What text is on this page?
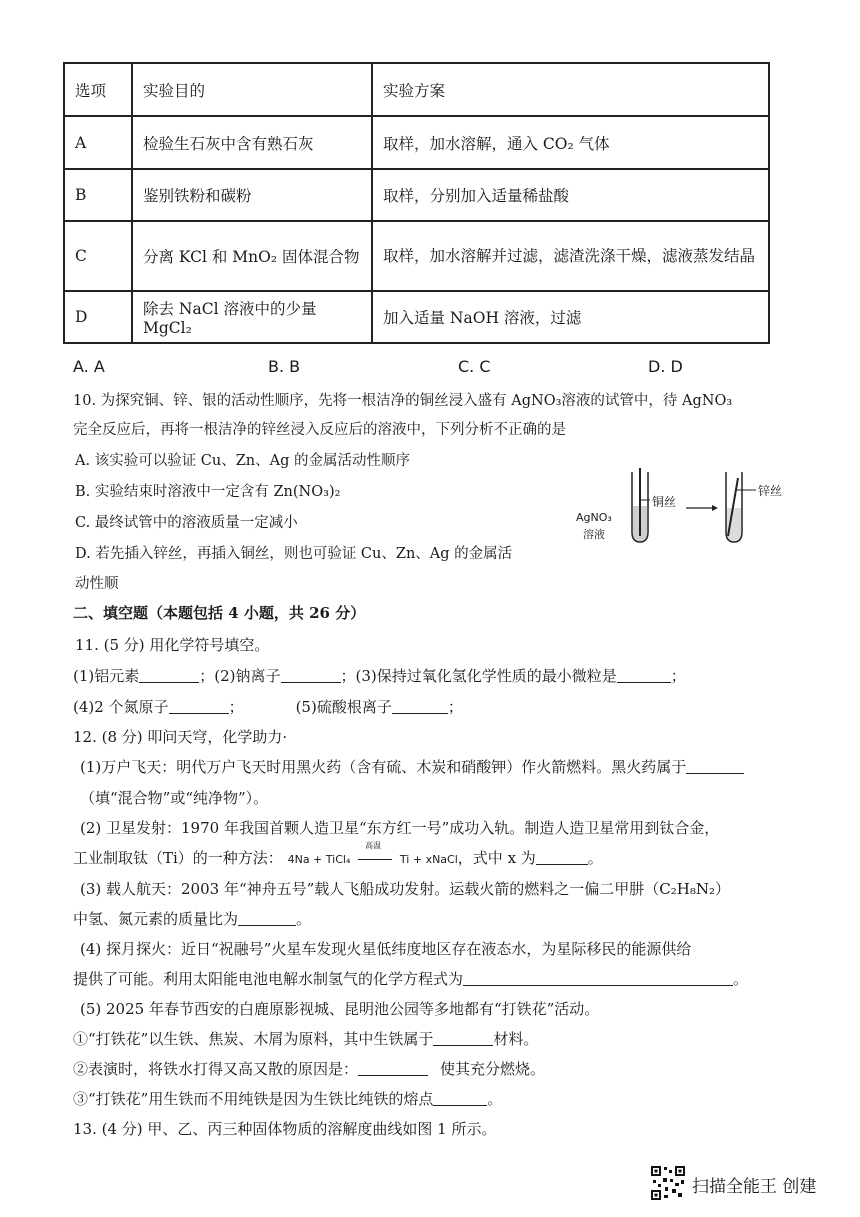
选项	实验目的	实验方案
A	检验生石灰中含有熟石灰	取样，加水溶解，通入 CO₂ 气体
B	鉴别铁粉和碳粉	取样，分别加入适量稀盐酸
C	分离 KCl 和 MnO₂ 固体混合物	取样，加水溶解并过滤，滤渣洗涤干燥，滤液蒸发结晶
D	除去 NaCl 溶液中的少量 MgCl₂	加入适量 NaOH 溶液，过滤
A. A	B. B	C. C	D. D
10. 为探究铜、锌、银的活动性顺序，先将一根洁净的铜丝浸入盛有 AgNO₃溶液的试管中，待 AgNO₃
完全反应后，再将一根洁净的锌丝浸入反应后的溶液中，下列分析不正确的是
A. 该实验可以验证 Cu、Zn、Ag 的金属活动性顺序
B. 实验结束时溶液中一定含有 Zn(NO₃)₂
C. 最终试管中的溶液质量一定减小
D. 若先插入锌丝，再插入铜丝，则也可验证 Cu、Zn、Ag 的金属活
动性顺
AgNO₃
溶液
铜丝
锌丝
二、填空题（本题包括 4 小题，共 26 分）
11. (5 分) 用化学符号填空。
(1)铝元素	；(2)钠离子	；(3)保持过氧化氢化学性质的最小微粒是	；
(4)2 个氮原子	；	(5)硫酸根离子	；
12. (8 分) 叩问天穹，化学助力·
(1)万户飞天：明代万户飞天时用黑火药（含有硫、木炭和硝酸钾）作火箭燃料。黑火药属于
（填“混合物”或“纯净物”）。
(2) 卫星发射：1970 年我国首颗人造卫星“东方红一号”成功入轨。制造人造卫星常用到钛合金，
工业制取钛（Ti）的一种方法： 4Na + TiCl₄
高温
Ti + xNaCl，式中 x 为	。
(3) 载人航天：2003 年“神舟五号”载人飞船成功发射。运载火箭的燃料之一偏二甲肼（C₂H₈N₂）
中氢、氮元素的质量比为	。
(4) 探月探火：近日“祝融号”火星车发现火星低纬度地区存在液态水，为星际移民的能源供给
提供了可能。利用太阳能电池电解水制氢气的化学方程式为	。
(5) 2025 年春节西安的白鹿原影视城、昆明池公园等多地都有“打铁花”活动。
①“打铁花”以生铁、焦炭、木屑为原料，其中生铁属于	材料。
②表演时，将铁水打得又高又散的原因是：	使其充分燃烧。
③“打铁花”用生铁而不用纯铁是因为生铁比纯铁的熔点	。
13. (4 分) 甲、乙、丙三种固体物质的溶解度曲线如图 1 所示。
扫描全能王 创建
